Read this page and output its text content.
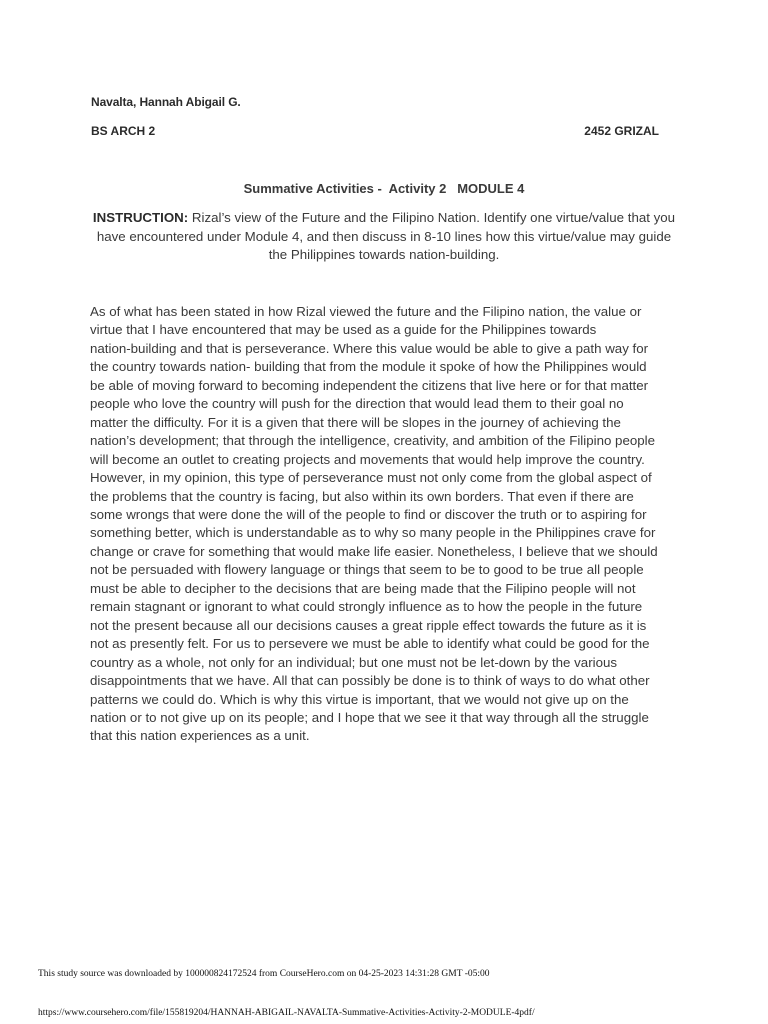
Navalta, Hannah Abigail G.
BS ARCH 2	2452 GRIZAL
Summative Activities -  Activity 2   MODULE 4
INSTRUCTION: Rizal’s view of the Future and the Filipino Nation. Identify one virtue/value that you have encountered under Module 4, and then discuss in 8-10 lines how this virtue/value may guide the Philippines towards nation-building.
As of what has been stated in how Rizal viewed the future and the Filipino nation, the value or
virtue that I have encountered that may be used as a guide for the Philippines towards
nation-building and that is perseverance. Where this value would be able to give a path way for
the country towards nation- building that from the module it spoke of how the Philippines would
be able of moving forward to becoming independent the citizens that live here or for that matter
people who love the country will push for the direction that would lead them to their goal no
matter the difficulty. For it is a given that there will be slopes in the journey of achieving the
nation’s development; that through the intelligence, creativity, and ambition of the Filipino people
will become an outlet to creating projects and movements that would help improve the country.
However, in my opinion, this type of perseverance must not only come from the global aspect of
the problems that the country is facing, but also within its own borders. That even if there are
some wrongs that were done the will of the people to find or discover the truth or to aspiring for
something better, which is understandable as to why so many people in the Philippines crave for
change or crave for something that would make life easier. Nonetheless, I believe that we should
not be persuaded with flowery language or things that seem to be to good to be true all people
must be able to decipher to the decisions that are being made that the Filipino people will not
remain stagnant or ignorant to what could strongly influence as to how the people in the future
not the present because all our decisions causes a great ripple effect towards the future as it is
not as presently felt. For us to persevere we must be able to identify what could be good for the
country as a whole, not only for an individual; but one must not be let-down by the various
disappointments that we have. All that can possibly be done is to think of ways to do what other
patterns we could do. Which is why this virtue is important, that we would not give up on the
nation or to not give up on its people; and I hope that we see it that way through all the struggle
that this nation experiences as a unit.
This study source was downloaded by 100000824172524 from CourseHero.com on 04-25-2023 14:31:28 GMT -05:00
https://www.coursehero.com/file/155819204/HANNAH-ABIGAIL-NAVALTA-Summative-Activities-Activity-2-MODULE-4pdf/
